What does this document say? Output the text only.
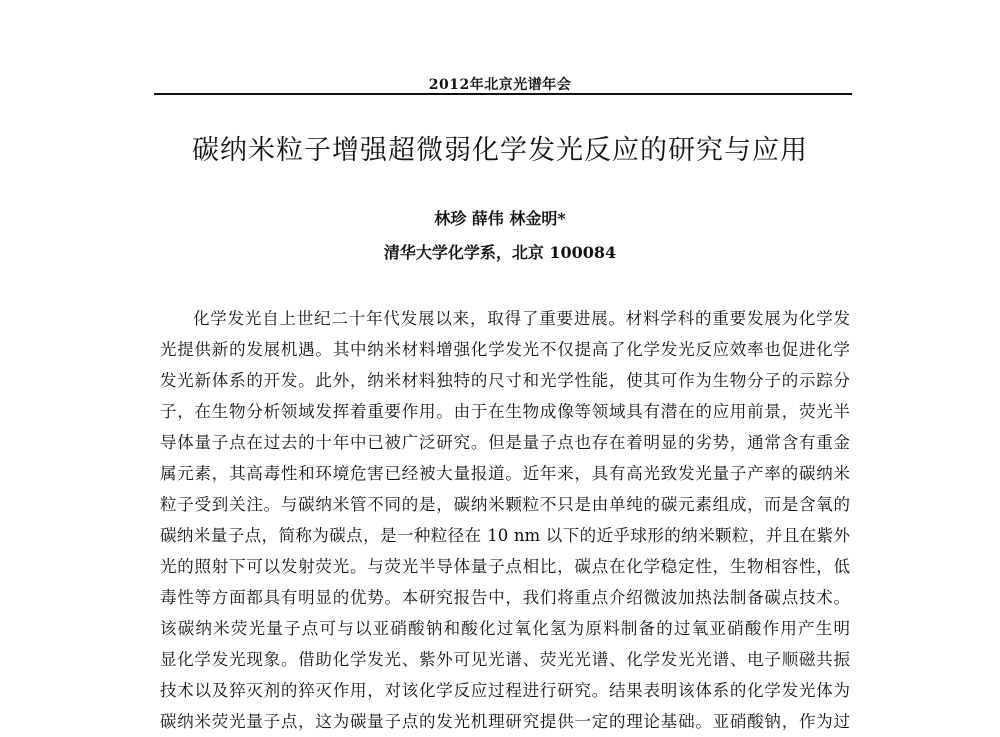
2012年北京光谱年会
碳纳米粒子增强超微弱化学发光反应的研究与应用
林珍 薛伟 林金明*
清华大学化学系，北京 100084
化学发光自上世纪二十年代发展以来，取得了重要进展。材料学科的重要发展为化学发
光提供新的发展机遇。其中纳米材料增强化学发光不仅提高了化学发光反应效率也促进化学
发光新体系的开发。此外，纳米材料独特的尺寸和光学性能，使其可作为生物分子的示踪分
子，在生物分析领域发挥着重要作用。由于在生物成像等领域具有潜在的应用前景，荧光半
导体量子点在过去的十年中已被广泛研究。但是量子点也存在着明显的劣势，通常含有重金
属元素，其高毒性和环境危害已经被大量报道。近年来，具有高光致发光量子产率的碳纳米
粒子受到关注。与碳纳米管不同的是，碳纳米颗粒不只是由单纯的碳元素组成，而是含氧的
碳纳米量子点，简称为碳点，是一种粒径在 10 nm 以下的近乎球形的纳米颗粒，并且在紫外
光的照射下可以发射荧光。与荧光半导体量子点相比，碳点在化学稳定性，生物相容性，低
毒性等方面都具有明显的优势。本研究报告中，我们将重点介绍微波加热法制备碳点技术。
该碳纳米荧光量子点可与以亚硝酸钠和酸化过氧化氢为原料制备的过氧亚硝酸作用产生明
显化学发光现象。借助化学发光、紫外可见光谱、荧光光谱、化学发光光谱、电子顺磁共振
技术以及猝灭剂的猝灭作用，对该化学反应过程进行研究。结果表明该体系的化学发光体为
碳纳米荧光量子点，这为碳量子点的发光机理研究提供一定的理论基础。亚硝酸钠，作为过
